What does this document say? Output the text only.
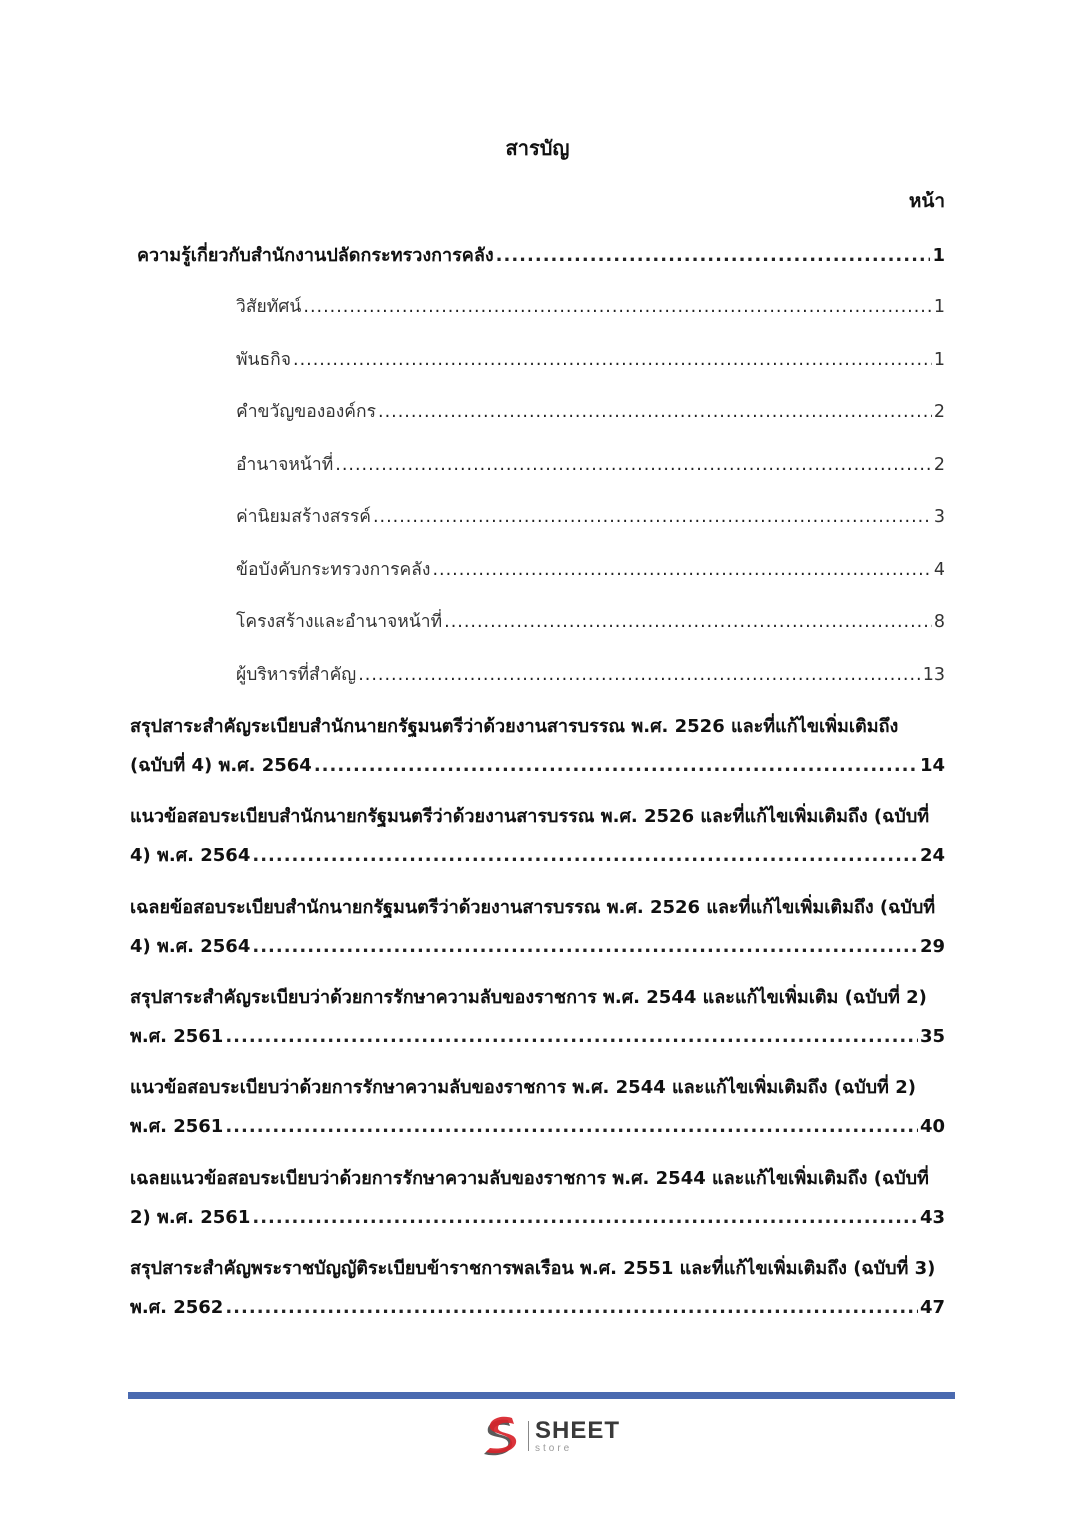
สารบัญ
หน้า
ความรู้เกี่ยวกับสำนักงานปลัดกระทรวงการคลัง .....	1
วิสัยทัศน์ .....	1
พันธกิจ .....	1
คำขวัญขององค์กร .....	2
อำนาจหน้าที่ .....	2
ค่านิยมสร้างสรรค์ .....	3
ข้อบังคับกระทรวงการคลัง .....	4
โครงสร้างและอำนาจหน้าที่ .....	8
ผู้บริหารที่สำคัญ .....	13
สรุปสาระสำคัญระเบียบสำนักนายกรัฐมนตรีว่าด้วยงานสารบรรณ พ.ศ. 2526 และที่แก้ไขเพิ่มเติมถึง
(ฉบับที่ 4) พ.ศ. 2564 .....	14
แนวข้อสอบระเบียบสำนักนายกรัฐมนตรีว่าด้วยงานสารบรรณ พ.ศ. 2526 และที่แก้ไขเพิ่มเติมถึง (ฉบับที่
4) พ.ศ. 2564 .....	24
เฉลยข้อสอบระเบียบสำนักนายกรัฐมนตรีว่าด้วยงานสารบรรณ พ.ศ. 2526 และที่แก้ไขเพิ่มเติมถึง (ฉบับที่
4) พ.ศ. 2564 .....	29
สรุปสาระสำคัญระเบียบว่าด้วยการรักษาความลับของราชการ พ.ศ. 2544 และแก้ไขเพิ่มเติม (ฉบับที่ 2)
พ.ศ. 2561 .....	35
แนวข้อสอบระเบียบว่าด้วยการรักษาความลับของราชการ พ.ศ. 2544 และแก้ไขเพิ่มเติมถึง (ฉบับที่ 2)
พ.ศ. 2561 .....	40
เฉลยแนวข้อสอบระเบียบว่าด้วยการรักษาความลับของราชการ พ.ศ. 2544 และแก้ไขเพิ่มเติมถึง (ฉบับที่
2) พ.ศ. 2561 .....	43
สรุปสาระสำคัญพระราชบัญญัติระเบียบข้าราชการพลเรือน พ.ศ. 2551 และที่แก้ไขเพิ่มเติมถึง (ฉบับที่ 3)
พ.ศ. 2562 .....	47
SHEET
store
